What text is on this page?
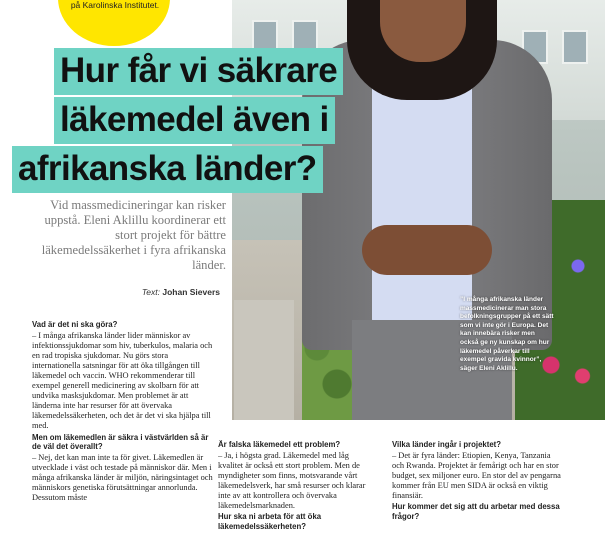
på Karolinska Institutet.
Hur får vi säkrare
läkemedel även i
afrikanska länder?
Vid massmedicineringar kan risker uppstå. Eleni Aklillu koordinerar ett stort projekt för bättre läkemedelssäkerhet i fyra afrikanska länder.
Text: Johan Sievers
”I många afrikanska länder massmedicinerar man stora befolkningsgrupper på ett sätt som vi inte gör i Europa. Det kan innebära risker men också ge ny kunskap om hur läkemedel påverkar till exempel gravida kvinnor”, säger Eleni Aklillu.

Vad är det ni ska göra?

– I många afrikanska länder lider människor av infektionssjukdomar som hiv, tuberkulos, malaria och en rad tropiska sjukdomar. Nu görs stora internationella satsningar för att öka tillgången till läkemedel och vaccin. WHO rekommenderar till exempel generell medicinering av skolbarn för att undvika masksjukdomar. Men problemet är att länderna inte har resurser för att övervaka läkemedelssäkerheten, och det är det vi ska hjälpa till med.

Men om läkemedlen är säkra i västvärlden så är de väl det överallt?

– Nej, det kan man inte ta för givet. Läkemedlen är utvecklade i väst och testade på människor där. Men i många afrikanska länder är miljön, näringsintaget och människors genetiska förutsättningar annorlunda. Dessutom måste

Är falska läkemedel ett problem?

– Ja, i högsta grad. Läkemedel med låg kvalitet är också ett stort problem. Men de myndigheter som finns, motsvarande vårt läkemedelsverk, har små resurser och klarar inte av att kontrollera och övervaka läkemedelsmarknaden.

Hur ska ni arbeta för att öka läkemedelssäkerheten?

Vilka länder ingår i projektet?

– Det är fyra länder: Etiopien, Kenya, Tanzania och Rwanda. Projektet är femårigt och har en stor budget, sex miljoner euro. En stor del av pengarna kommer från EU men SIDA är också en viktig finansiär.

Hur kommer det sig att du arbetar med dessa frågor?
